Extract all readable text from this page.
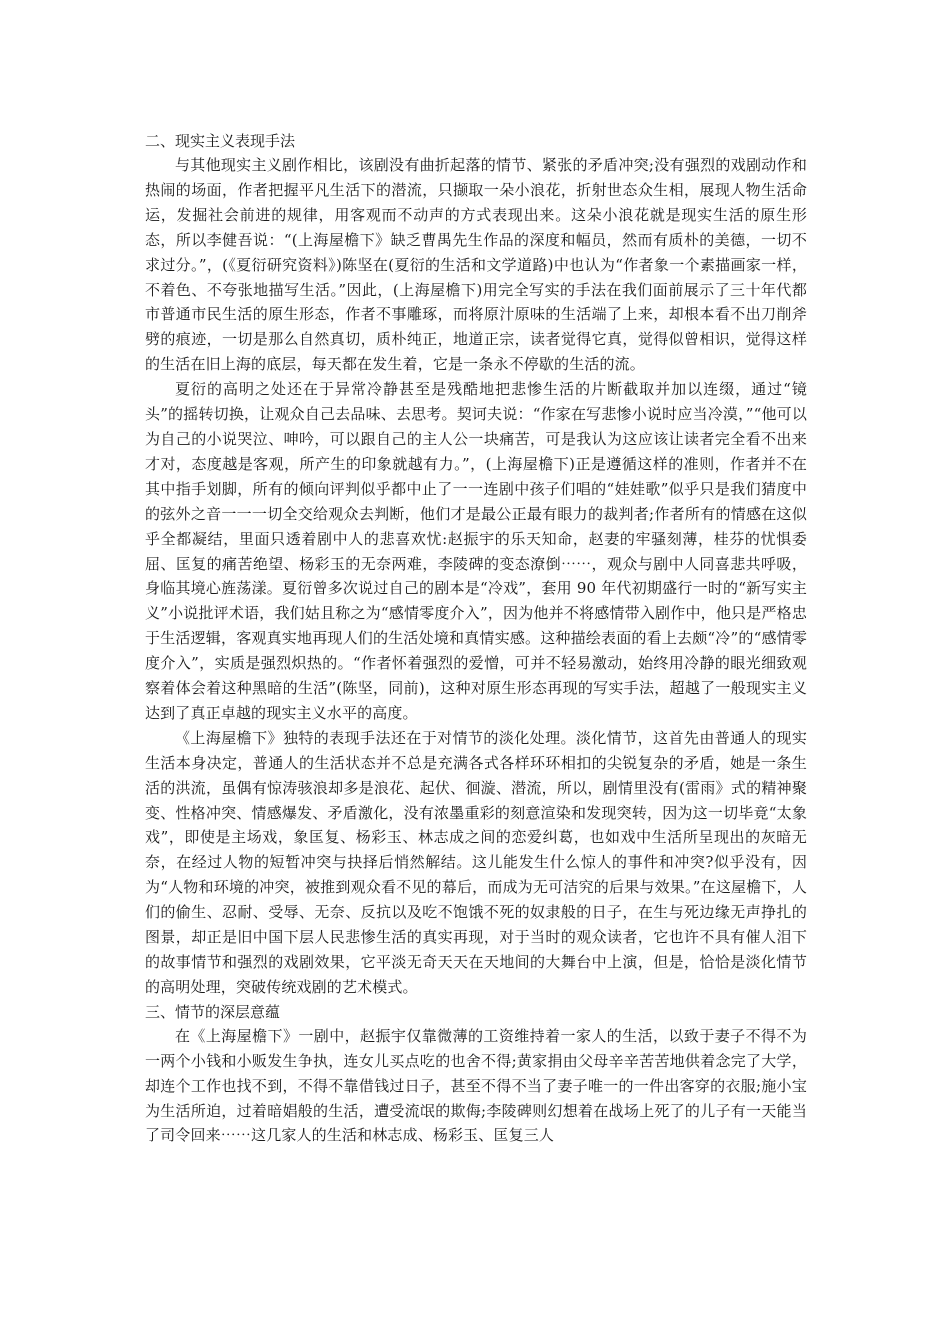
二、现实主义表现手法

与其他现实主义剧作相比，该剧没有曲折起落的情节、紧张的矛盾冲突;没有强烈的戏剧动作和热闹的场面，作者把握平凡生活下的潜流，只撷取一朵小浪花，折射世态众生相，展现人物生活命运，发掘社会前进的规律，用客观而不动声的方式表现出来。这朵小浪花就是现实生活的原生形态，所以李健吾说：“(上海屋檐下》缺乏曹禺先生作品的深度和幅员，然而有质朴的美德，一切不求过分。”，(《夏衍研究资料》)陈坚在(夏衍的生活和文学道路)中也认为“作者象一个素描画家一样，不着色、不夸张地描写生活。”因此，(上海屋檐下)用完全写实的手法在我们面前展示了三十年代都市普通市民生活的原生形态，作者不事雕琢，而将原汁原味的生活端了上来，却根本看不出刀削斧劈的痕迹，一切是那么自然真切，质朴纯正，地道正宗，读者觉得它真，觉得似曾相识，觉得这样的生活在旧上海的底层，每天都在发生着，它是一条永不停歇的生活的流。

夏衍的高明之处还在于异常冷静甚至是残酷地把悲惨生活的片断截取并加以连缀，通过“镜头”的摇转切换，让观众自己去品味、去思考。契诃夫说：“作家在写悲惨小说时应当冷漠，”“他可以为自己的小说哭泣、呻吟，可以跟自己的主人公一块痛苦，可是我认为这应该让读者完全看不出来才对，态度越是客观，所产生的印象就越有力。”，(上海屋檐下)正是遵循这样的准则，作者并不在其中指手划脚，所有的倾向评判似乎都中止了一一连剧中孩子们唱的“娃娃歌”似乎只是我们猜度中的弦外之音一一一切全交给观众去判断，他们才是最公正最有眼力的裁判者;作者所有的情感在这似乎全都凝结，里面只透着剧中人的悲喜欢忧:赵振宇的乐天知命，赵妻的牢骚刻薄，桂芬的忧惧委屈、匡复的痛苦绝望、杨彩玉的无奈两难，李陵碑的变态潦倒⋯⋯，观众与剧中人同喜悲共呼吸，身临其境心旌荡漾。夏衍曾多次说过自己的剧本是“冷戏”，套用 90 年代初期盛行一时的“新写实主义”小说批评术语，我们姑且称之为“感情零度介入”，因为他并不将感情带入剧作中，他只是严格忠于生活逻辑，客观真实地再现人们的生活处境和真情实感。这种描绘表面的看上去颇“冷”的“感情零度介入”，实质是强烈炽热的。“作者怀着强烈的爱憎，可并不轻易激动，始终用冷静的眼光细致观察着体会着这种黑暗的生活”(陈坚，同前)，这种对原生形态再现的写实手法，超越了一般现实主义达到了真正卓越的现实主义水平的高度。

《上海屋檐下》独特的表现手法还在于对情节的淡化处理。淡化情节，这首先由普通人的现实生活本身决定，普通人的生活状态并不总是充满各式各样环环相扣的尖锐复杂的矛盾，她是一条生活的洪流，虽偶有惊涛骇浪却多是浪花、起伏、徊漩、潜流，所以，剧情里没有(雷雨》式的精神聚变、性格冲突、情感爆发、矛盾激化，没有浓墨重彩的刻意渲染和发现突转，因为这一切毕竟“太象戏”，即使是主场戏，象匡复、杨彩玉、林志成之间的恋爱纠葛，也如戏中生活所呈现出的灰暗无奈，在经过人物的短暂冲突与抉择后悄然解结。这儿能发生什么惊人的事件和冲突?似乎没有，因为“人物和环境的冲突，被推到观众看不见的幕后，而成为无可洁究的后果与效果。”在这屋檐下，人们的偷生、忍耐、受辱、无奈、反抗以及吃不饱饿不死的奴隶般的日子，在生与死边缘无声挣扎的图景，却正是旧中国下层人民悲惨生活的真实再现，对于当时的观众读者，它也许不具有催人泪下的故事情节和强烈的戏剧效果，它平淡无奇天天在天地间的大舞台中上演，但是，恰恰是淡化情节的高明处理，突破传统戏剧的艺术模式。

三、情节的深层意蕴

在《上海屋檐下》一剧中，赵振宇仅靠微薄的工资维持着一家人的生活，以致于妻子不得不为一两个小钱和小贩发生争执，连女儿买点吃的也舍不得;黄家捐由父母辛辛苦苦地供着念完了大学，却连个工作也找不到，不得不靠借钱过日子，甚至不得不当了妻子唯一的一件出客穿的衣服;施小宝为生活所迫，过着暗娼般的生活，遭受流氓的欺侮;李陵碑则幻想着在战场上死了的儿子有一天能当了司令回来⋯⋯这几家人的生活和林志成、杨彩玉、匡复三人
